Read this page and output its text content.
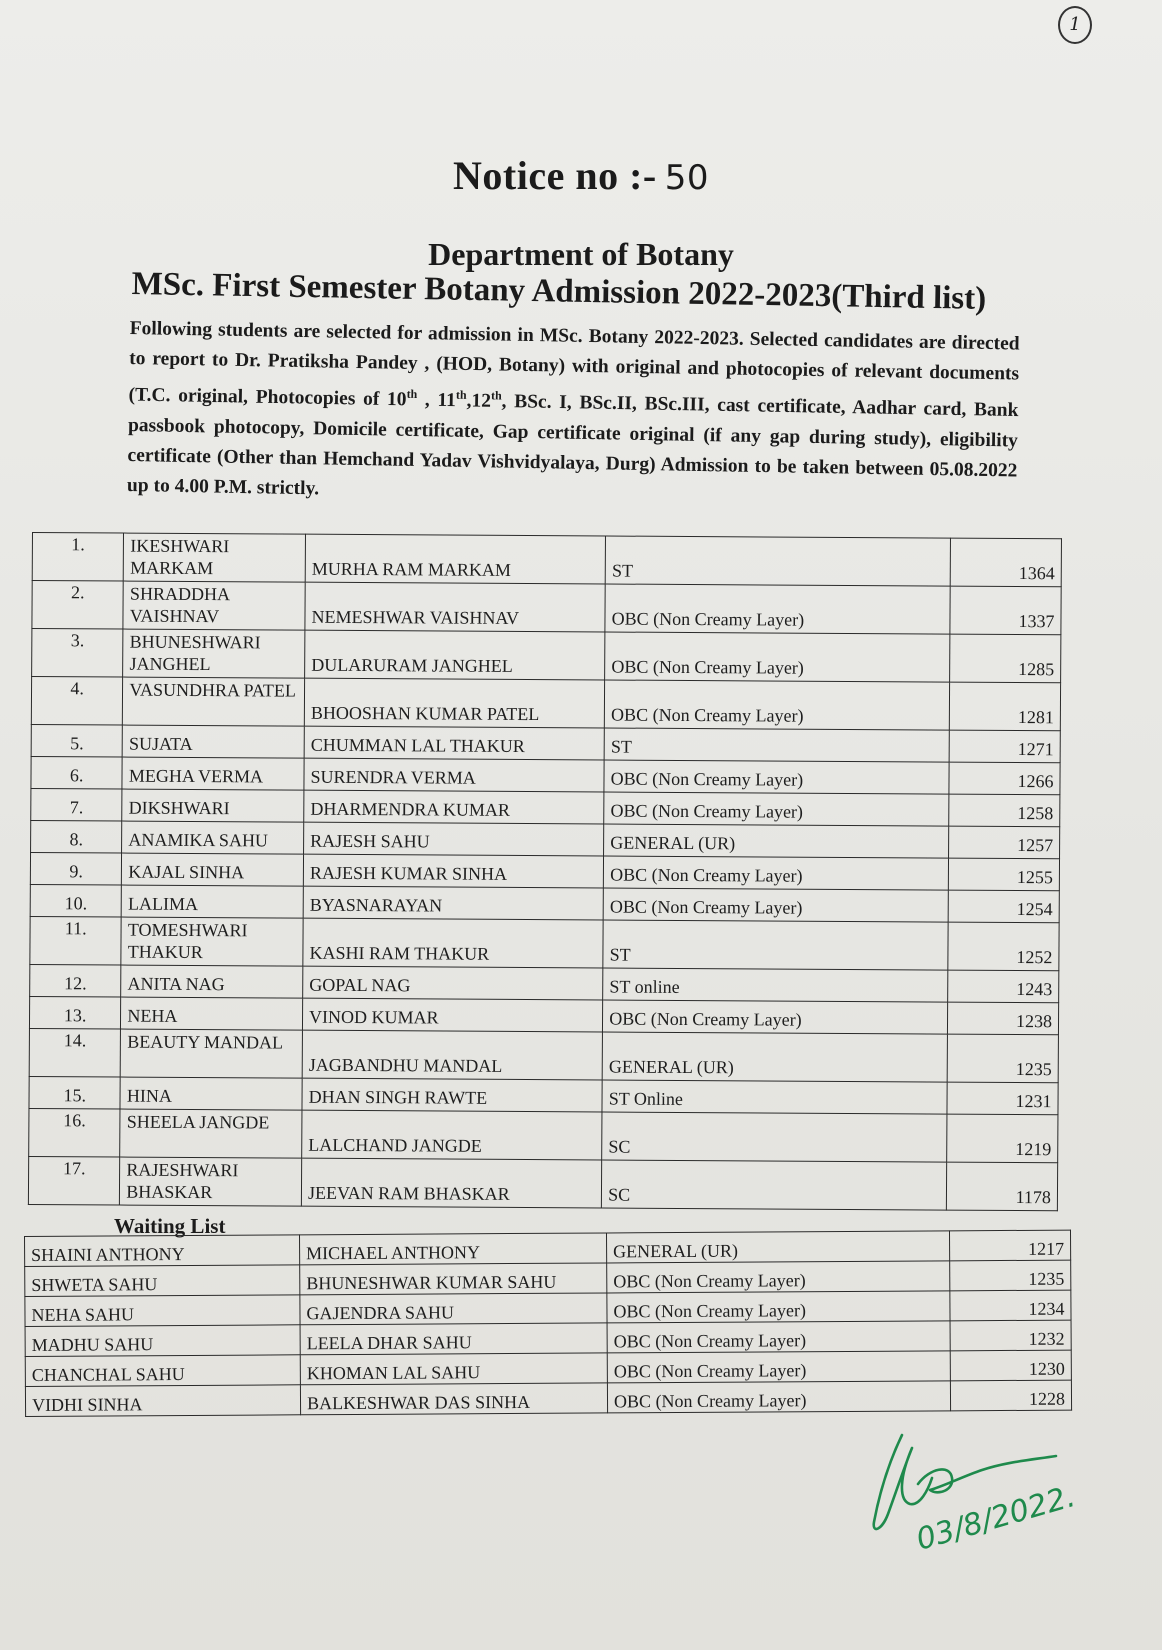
1
Notice no :- 50
Department of Botany
MSc. First Semester Botany Admission 2022-2023(Third list)
Following students are selected for admission in MSc. Botany 2022-2023. Selected candidates are directed to report to Dr. Pratiksha Pandey , (HOD, Botany) with original and photocopies of relevant documents (T.C. original, Photocopies of 10th , 11th,12th, BSc. I, BSc.II, BSc.III, cast certificate, Aadhar card, Bank passbook photocopy, Domicile certificate, Gap certificate original (if any gap during study), eligibility certificate (Other than Hemchand Yadav Vishvidyalaya, Durg) Admission to be taken between 05.08.2022 up to 4.00 P.M. strictly.
1.	IKESHWARI MARKAM	MURHA RAM MARKAM	ST	1364
2.	SHRADDHA VAISHNAV	NEMESHWAR VAISHNAV	OBC (Non Creamy Layer)	1337
3.	BHUNESHWARI JANGHEL	DULARURAM JANGHEL	OBC (Non Creamy Layer)	1285
4.	VASUNDHRA PATEL	BHOOSHAN KUMAR PATEL	OBC (Non Creamy Layer)	1281
5.	SUJATA	CHUMMAN LAL THAKUR	ST	1271
6.	MEGHA VERMA	SURENDRA VERMA	OBC (Non Creamy Layer)	1266
7.	DIKSHWARI	DHARMENDRA KUMAR	OBC (Non Creamy Layer)	1258
8.	ANAMIKA SAHU	RAJESH SAHU	GENERAL (UR)	1257
9.	KAJAL SINHA	RAJESH KUMAR SINHA	OBC (Non Creamy Layer)	1255
10.	LALIMA	BYASNARAYAN	OBC (Non Creamy Layer)	1254
11.	TOMESHWARI THAKUR	KASHI RAM THAKUR	ST	1252
12.	ANITA NAG	GOPAL NAG	ST online	1243
13.	NEHA	VINOD KUMAR	OBC (Non Creamy Layer)	1238
14.	BEAUTY MANDAL	JAGBANDHU MANDAL	GENERAL (UR)	1235
15.	HINA	DHAN SINGH RAWTE	ST Online	1231
16.	SHEELA JANGDE	LALCHAND JANGDE	SC	1219
17.	RAJESHWARI BHASKAR	JEEVAN RAM BHASKAR	SC	1178
Waiting List
SHAINI ANTHONY	MICHAEL ANTHONY	GENERAL (UR)	1217
SHWETA SAHU	BHUNESHWAR KUMAR SAHU	OBC (Non Creamy Layer)	1235
NEHA SAHU	GAJENDRA SAHU	OBC (Non Creamy Layer)	1234
MADHU SAHU	LEELA DHAR SAHU	OBC (Non Creamy Layer)	1232
CHANCHAL SAHU	KHOMAN LAL SAHU	OBC (Non Creamy Layer)	1230
VIDHI SINHA	BALKESHWAR DAS SINHA	OBC (Non Creamy Layer)	1228
03/8/2022.
